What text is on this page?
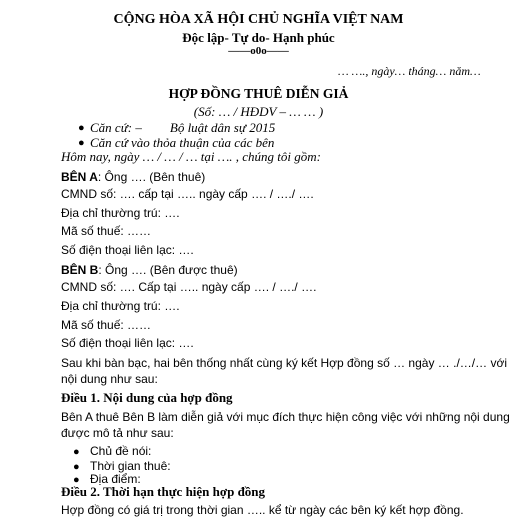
CỘNG HÒA XÃ HỘI CHỦ NGHĨA VIỆT NAM
Độc lập- Tự do- Hạnh phúc
——o0o——
… …., ngày… tháng… năm…
HỢP ĐỒNG THUÊ DIỄN GIẢ
(Số: … / HĐDV – … … )
● Căn cứ: – Bộ luật dân sự 2015
● Căn cứ vào thỏa thuận của các bên
Hôm nay, ngày … / … / … tại …. , chúng tôi gồm:
BÊN A: Ông …. (Bên thuê)
CMND số: …. cấp tại ….. ngày cấp …. / …./ ….
Địa chỉ thường trú: ….
Mã số thuế: ……
Số điện thoại liên lạc: ….
BÊN B: Ông …. (Bên được thuê)
CMND số: …. Cấp tại ….. ngày cấp …. / …./ ….
Địa chỉ thường trú: ….
Mã số thuế: ……
Số điện thoại liên lạc: ….
Sau khi bàn bạc, hai bên thống nhất cùng ký kết Hợp đồng số … ngày … ./…/… với
nội dung như sau:
Điều 1. Nội dung của hợp đồng
Bên A thuê Bên B làm diễn giả với mục đích thực hiện công việc với những nội dung
được mô tả như sau:
● Chủ đề nói:
● Thời gian thuê:
● Địa điểm:
Điều 2. Thời hạn thực hiện hợp đồng
Hợp đồng có giá trị trong thời gian ….. kể từ ngày các bên ký kết hợp đồng.
